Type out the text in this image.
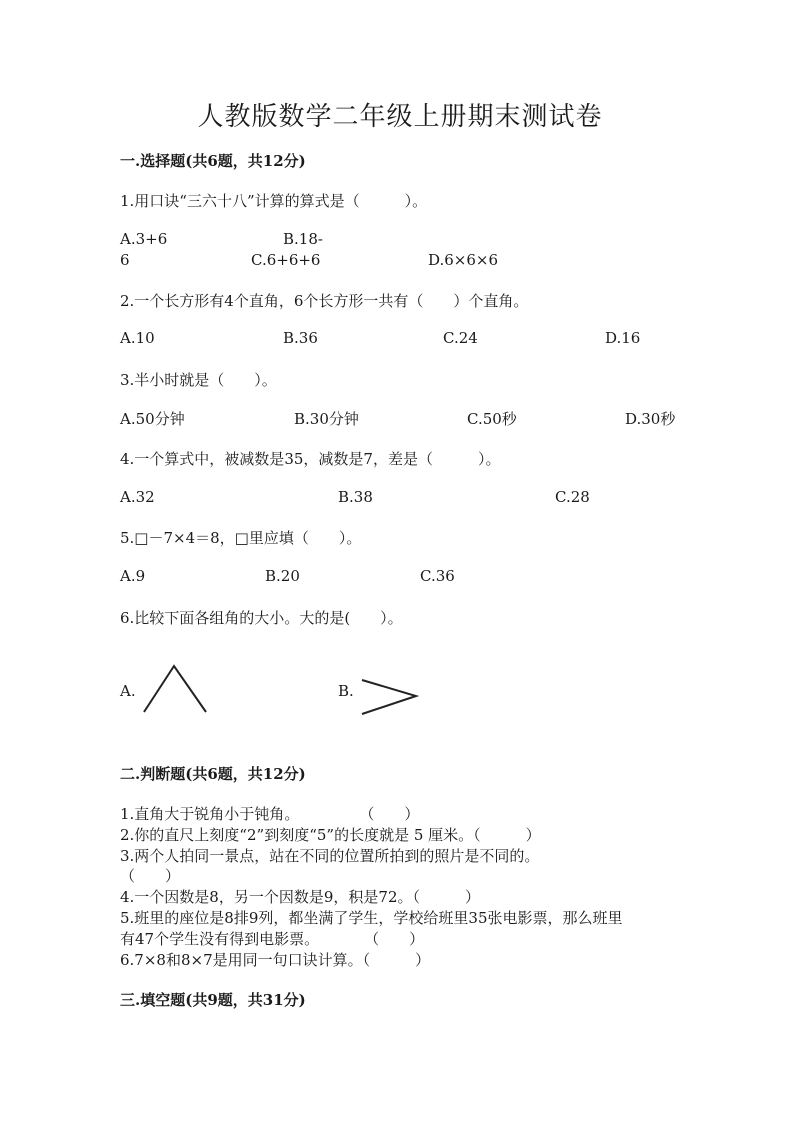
人教版数学二年级上册期末测试卷
一.选择题(共6题，共12分)
1.用口诀“三六十八”计算的算式是（　　　）。
A.3+6	B.18-
6	C.6+6+6	D.6×6×6
2.一个长方形有4个直角，6个长方形一共有（　　）个直角。
A.10	B.36	C.24	D.16
3.半小时就是（　　）。
A.50分钟	B.30分钟	C.50秒	D.30秒
4.一个算式中，被减数是35，减数是7，差是（　　　）。
A.32	B.38	C.28
5.□－7×4＝8，□里应填（　　）。
A.9	B.20	C.36
6.比较下面各组角的大小。大的是(　　）。
A.	B.
二.判断题(共6题，共12分)
1.直角大于锐角小于钝角。　　　　　（　　）
2.你的直尺上刻度“2”到刻度“5”的长度就是 5 厘米。（　　　）
3.两个人拍同一景点，站在不同的位置所拍到的照片是不同的。
（　　）
4.一个因数是8，另一个因数是9，积是72。（　　　）
5.班里的座位是8排9列，都坐满了学生，学校给班里35张电影票，那么班里
有47个学生没有得到电影票。　　　　（　　）
6.7×8和8×7是用同一句口诀计算。（　　　）
三.填空题(共9题，共31分)
